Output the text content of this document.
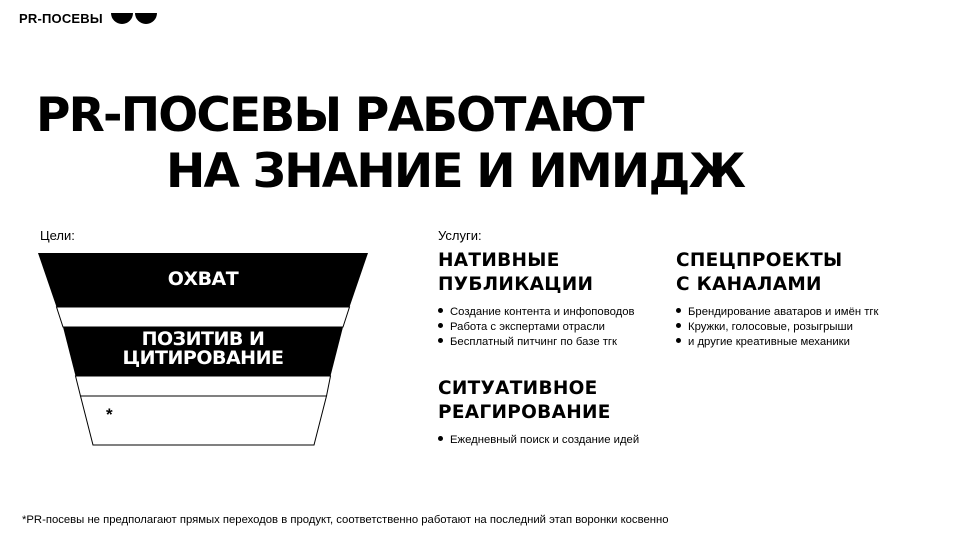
PR-ПОСЕВЫ
PR-ПОСЕВЫ РАБОТАЮТ
НА ЗНАНИЕ И ИМИДЖ
Цели:
ОХВАТ
ПОЗИТИВ И
ЦИТИРОВАНИЕ
*
Услуги:
НАТИВНЫЕ
ПУБЛИКАЦИИ
Создание контента и инфоповодов
Работа с экспертами отрасли
Бесплатный питчинг по базе тгк
СПЕЦПРОЕКТЫ
С КАНАЛАМИ
Брендирование аватаров и имён тгк
Кружки, голосовые, розыгрыши
и другие креативные механики
СИТУАТИВНОЕ
РЕАГИРОВАНИЕ
Ежедневный поиск и создание идей
*PR-посевы не предполагают прямых переходов в продукт, соответственно работают на последний этап воронки косвенно
